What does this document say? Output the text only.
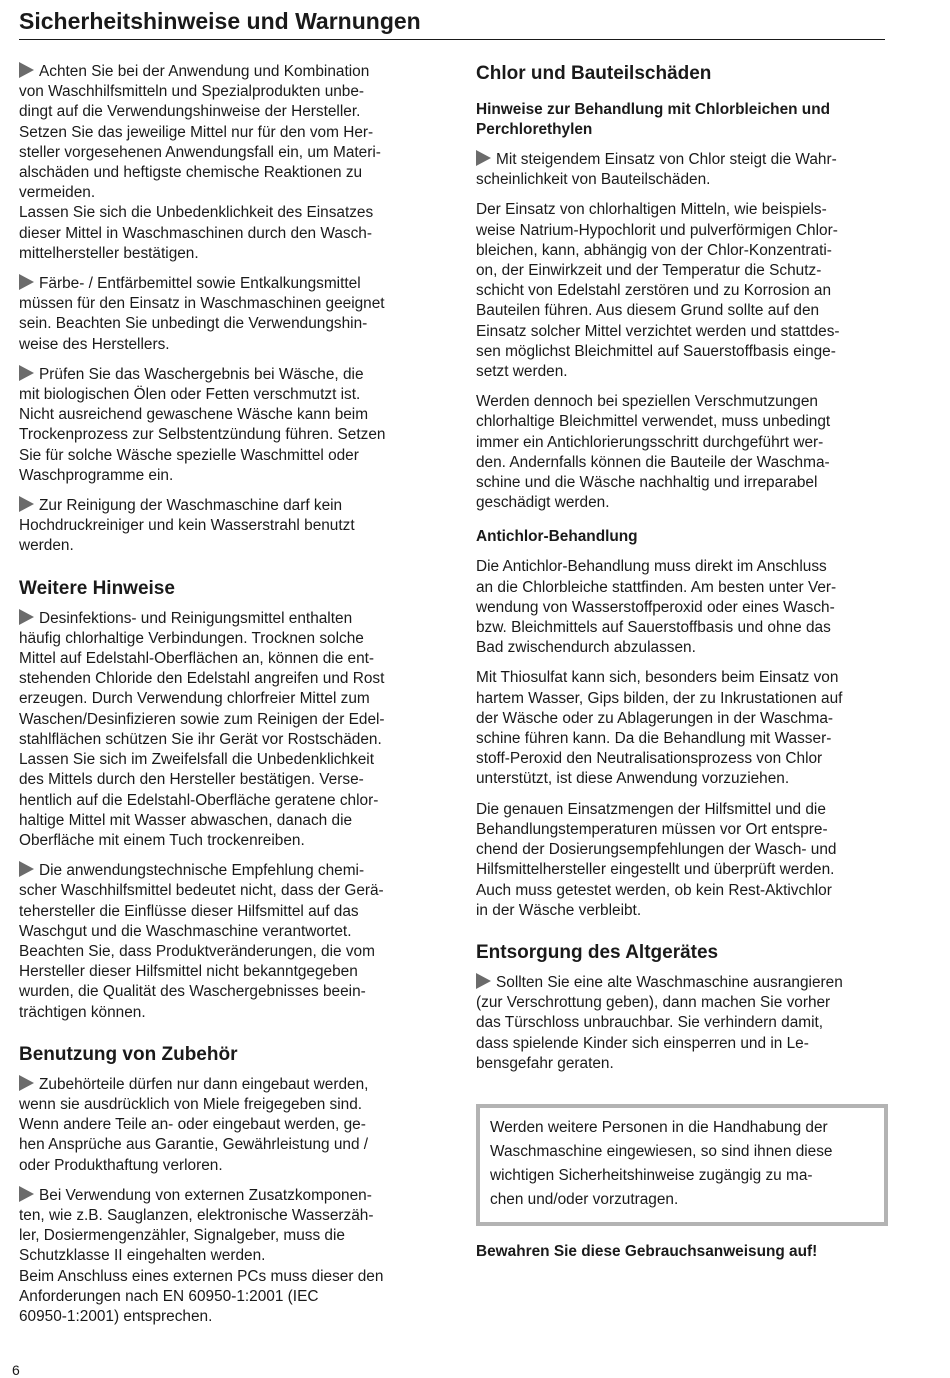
Sicherheitshinweise und Warnungen

Achten Sie bei der Anwendung und Kombination
von Waschhilfsmitteln und Spezialprodukten unbe-
dingt auf die Verwendungshinweise der Hersteller.
Setzen Sie das jeweilige Mittel nur für den vom Her-
steller vorgesehenen Anwendungsfall ein, um Materi-
alschäden und heftigste chemische Reaktionen zu
vermeiden.
Lassen Sie sich die Unbedenklichkeit des Einsatzes
dieser Mittel in Waschmaschinen durch den Wasch-
mittelhersteller bestätigen.

Färbe- / Entfärbemittel sowie Entkalkungsmittel
müssen für den Einsatz in Waschmaschinen geeignet
sein. Beachten Sie unbedingt die Verwendungshin-
weise des Herstellers.

Prüfen Sie das Waschergebnis bei Wäsche, die
mit biologischen Ölen oder Fetten verschmutzt ist.
Nicht ausreichend gewaschene Wäsche kann beim
Trockenprozess zur Selbstentzündung führen. Setzen
Sie für solche Wäsche spezielle Waschmittel oder
Waschprogramme ein.

Zur Reinigung der Waschmaschine darf kein
Hochdruckreiniger und kein Wasserstrahl benutzt
werden.

Weitere Hinweise

Desinfektions- und Reinigungsmittel enthalten
häufig chlorhaltige Verbindungen. Trocknen solche
Mittel auf Edelstahl-Oberflächen an, können die ent-
stehenden Chloride den Edelstahl angreifen und Rost
erzeugen. Durch Verwendung chlorfreier Mittel zum
Waschen/Desinfizieren sowie zum Reinigen der Edel-
stahlflächen schützen Sie ihr Gerät vor Rostschäden.
Lassen Sie sich im Zweifelsfall die Unbedenklichkeit
des Mittels durch den Hersteller bestätigen. Verse-
hentlich auf die Edelstahl-Oberfläche geratene chlor-
haltige Mittel mit Wasser abwaschen, danach die
Oberfläche mit einem Tuch trockenreiben.

Die anwendungstechnische Empfehlung chemi-
scher Waschhilfsmittel bedeutet nicht, dass der Gerä-
tehersteller die Einflüsse dieser Hilfsmittel auf das
Waschgut und die Waschmaschine verantwortet.
Beachten Sie, dass Produktveränderungen, die vom
Hersteller dieser Hilfsmittel nicht bekanntgegeben
wurden, die Qualität des Waschergebnisses beein-
trächtigen können.

Benutzung von Zubehör

Zubehörteile dürfen nur dann eingebaut werden,
wenn sie ausdrücklich von Miele freigegeben sind.
Wenn andere Teile an- oder eingebaut werden, ge-
hen Ansprüche aus Garantie, Gewährleistung und /
oder Produkthaftung verloren.

Bei Verwendung von externen Zusatzkomponen-
ten, wie z.B. Sauglanzen, elektronische Wasserzäh-
ler, Dosiermengenzähler, Signalgeber, muss die
Schutzklasse II eingehalten werden.
Beim Anschluss eines externen PCs muss dieser den
Anforderungen nach EN 60950-1:2001 (IEC
60950-1:2001) entsprechen.

Chlor und Bauteilschäden
Hinweise zur Behandlung mit Chlorbleichen und
Perchlorethylen

Mit steigendem Einsatz von Chlor steigt die Wahr-
scheinlichkeit von Bauteilschäden.

Der Einsatz von chlorhaltigen Mitteln, wie beispiels-
weise Natrium-Hypochlorit und pulverförmigen Chlor-
bleichen, kann, abhängig von der Chlor-Konzentrati-
on, der Einwirkzeit und der Temperatur die Schutz-
schicht von Edelstahl zerstören und zu Korrosion an
Bauteilen führen. Aus diesem Grund sollte auf den
Einsatz solcher Mittel verzichtet werden und stattdes-
sen möglichst Bleichmittel auf Sauerstoffbasis einge-
setzt werden.

Werden dennoch bei speziellen Verschmutzungen
chlorhaltige Bleichmittel verwendet, muss unbedingt
immer ein Antichlorierungsschritt durchgeführt wer-
den. Andernfalls können die Bauteile der Waschma-
schine und die Wäsche nachhaltig und irreparabel
geschädigt werden.

Antichlor-Behandlung

Die Antichlor-Behandlung muss direkt im Anschluss
an die Chlorbleiche stattfinden. Am besten unter Ver-
wendung von Wasserstoffperoxid oder eines Wasch-
bzw. Bleichmittels auf Sauerstoffbasis und ohne das
Bad zwischendurch abzulassen.

Mit Thiosulfat kann sich, besonders beim Einsatz von
hartem Wasser, Gips bilden, der zu Inkrustationen auf
der Wäsche oder zu Ablagerungen in der Waschma-
schine führen kann. Da die Behandlung mit Wasser-
stoff-Peroxid den Neutralisationsprozess von Chlor
unterstützt, ist diese Anwendung vorzuziehen.

Die genauen Einsatzmengen der Hilfsmittel und die
Behandlungstemperaturen müssen vor Ort entspre-
chend der Dosierungsempfehlungen der Wasch- und
Hilfsmittelhersteller eingestellt und überprüft werden.
Auch muss getestet werden, ob kein Rest-Aktivchlor
in der Wäsche verbleibt.

Entsorgung des Altgerätes

Sollten Sie eine alte Waschmaschine ausrangieren
(zur Verschrottung geben), dann machen Sie vorher
das Türschloss unbrauchbar. Sie verhindern damit,
dass spielende Kinder sich einsperren und in Le-
bensgefahr geraten.

Werden weitere Personen in die Handhabung der
Waschmaschine eingewiesen, so sind ihnen diese
wichtigen Sicherheitshinweise zugängig zu ma-
chen und/oder vorzutragen.
Bewahren Sie diese Gebrauchsanweisung auf!
6
